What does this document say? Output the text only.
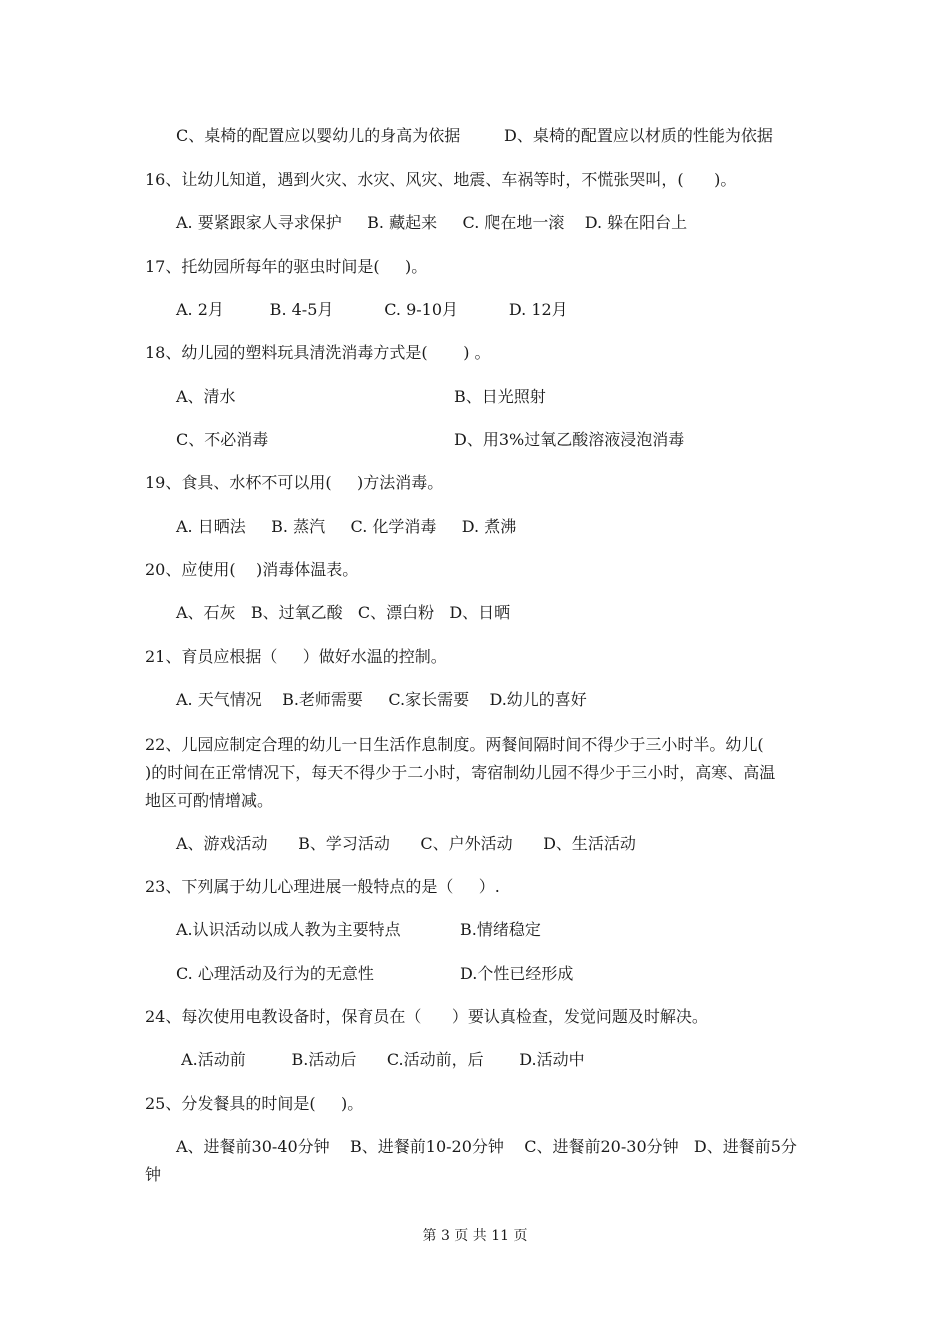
C、桌椅的配置应以婴幼儿的身高为依据	D、桌椅的配置应以材质的性能为依据
16、让幼儿知道，遇到火灾、水灾、风灾、地震、车祸等时，不慌张哭叫，(      )。
A. 要紧跟家人寻求保护     B. 藏起来     C. 爬在地一滚    D. 躲在阳台上
17、托幼园所每年的驱虫时间是(     )。
A. 2月         B. 4-5月          C. 9-10月          D. 12月
18、幼儿园的塑料玩具清洗消毒方式是(       ) 。
A、清水	B、日光照射
C、不必消毒	D、用3%过氧乙酸溶液浸泡消毒
19、食具、水杯不可以用(     )方法消毒。
A. 日晒法     B. 蒸汽     C. 化学消毒     D. 煮沸
20、应使用(    )消毒体温表。
A、石灰   B、过氧乙酸   C、漂白粉   D、日晒
21、育员应根据（     ）做好水温的控制。
A. 天气情况    B.老师需要     C.家长需要    D.幼儿的喜好
22、儿园应制定合理的幼儿一日生活作息制度。两餐间隔时间不得少于三小时半。幼儿(
)的时间在正常情况下，每天不得少于二小时，寄宿制幼儿园不得少于三小时，高寒、高温
地区可酌情增减。
A、游戏活动      B、学习活动      C、户外活动      D、生活活动
23、下列属于幼儿心理进展一般特点的是（     ）.
A.认识活动以成人教为主要特点	B.情绪稳定
C. 心理活动及行为的无意性	D.个性已经形成
24、每次使用电教设备时，保育员在（      ）要认真检查，发觉问题及时解决。
A.活动前         B.活动后      C.活动前，后       D.活动中
25、分发餐具的时间是(     )。
A、进餐前30-40分钟    B、进餐前10-20分钟    C、进餐前20-30分钟   D、进餐前5分
钟
第 3 页 共 11 页
